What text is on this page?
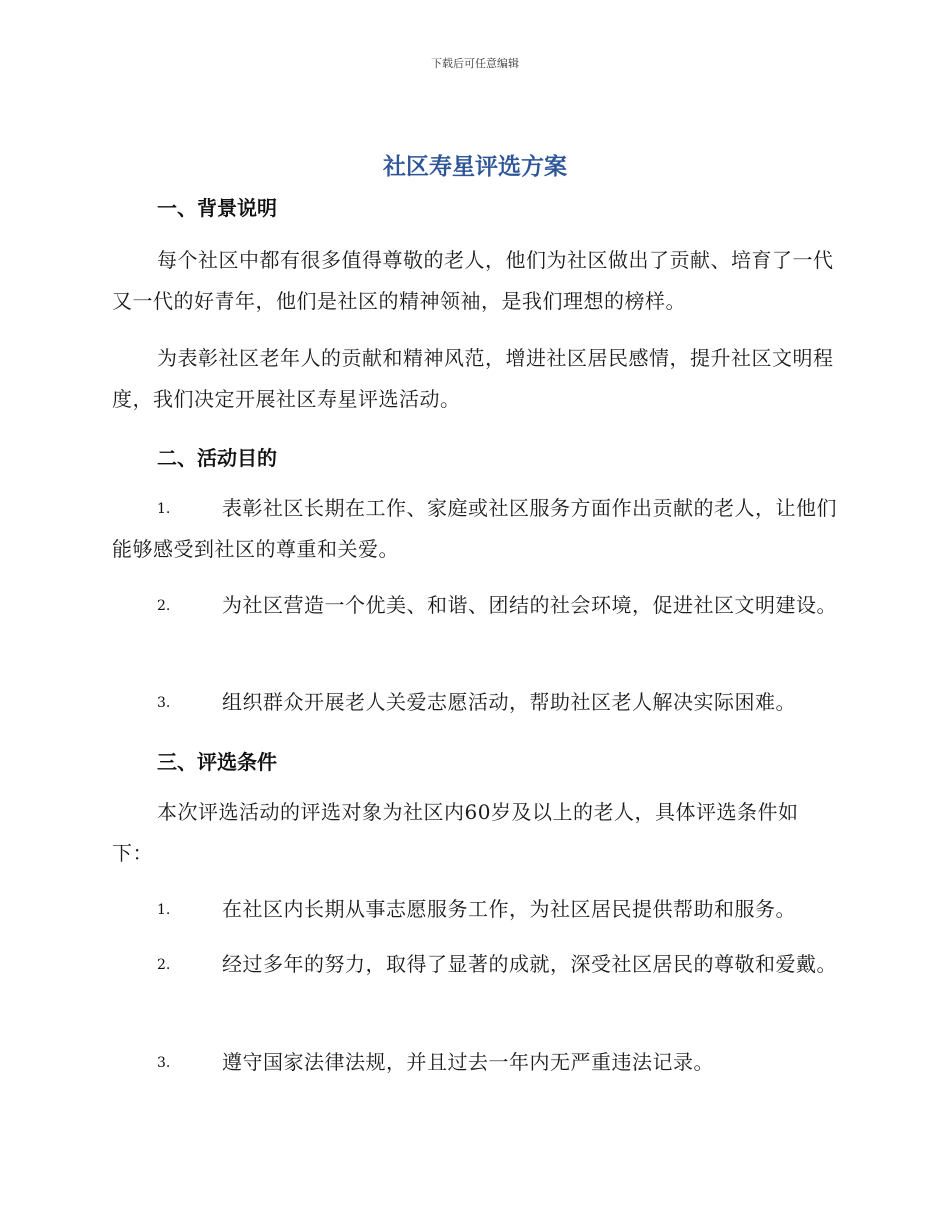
下载后可任意编辑
社区寿星评选方案
一、背景说明
每个社区中都有很多值得尊敬的老人，他们为社区做出了贡献、培育了一代又一代的好青年，他们是社区的精神领袖，是我们理想的榜样。
为表彰社区老年人的贡献和精神风范，增进社区居民感情，提升社区文明程度，我们决定开展社区寿星评选活动。
二、活动目的
1.	表彰社区长期在工作、家庭或社区服务方面作出贡献的老人，让他们能够感受到社区的尊重和关爱。
2.	为社区营造一个优美、和谐、团结的社会环境，促进社区文明建设。
3.	组织群众开展老人关爱志愿活动，帮助社区老人解决实际困难。
三、评选条件
本次评选活动的评选对象为社区内60岁及以上的老人，具体评选条件如下：
1.	在社区内长期从事志愿服务工作，为社区居民提供帮助和服务。
2.	经过多年的努力，取得了显著的成就，深受社区居民的尊敬和爱戴。
3.	遵守国家法律法规，并且过去一年内无严重违法记录。
